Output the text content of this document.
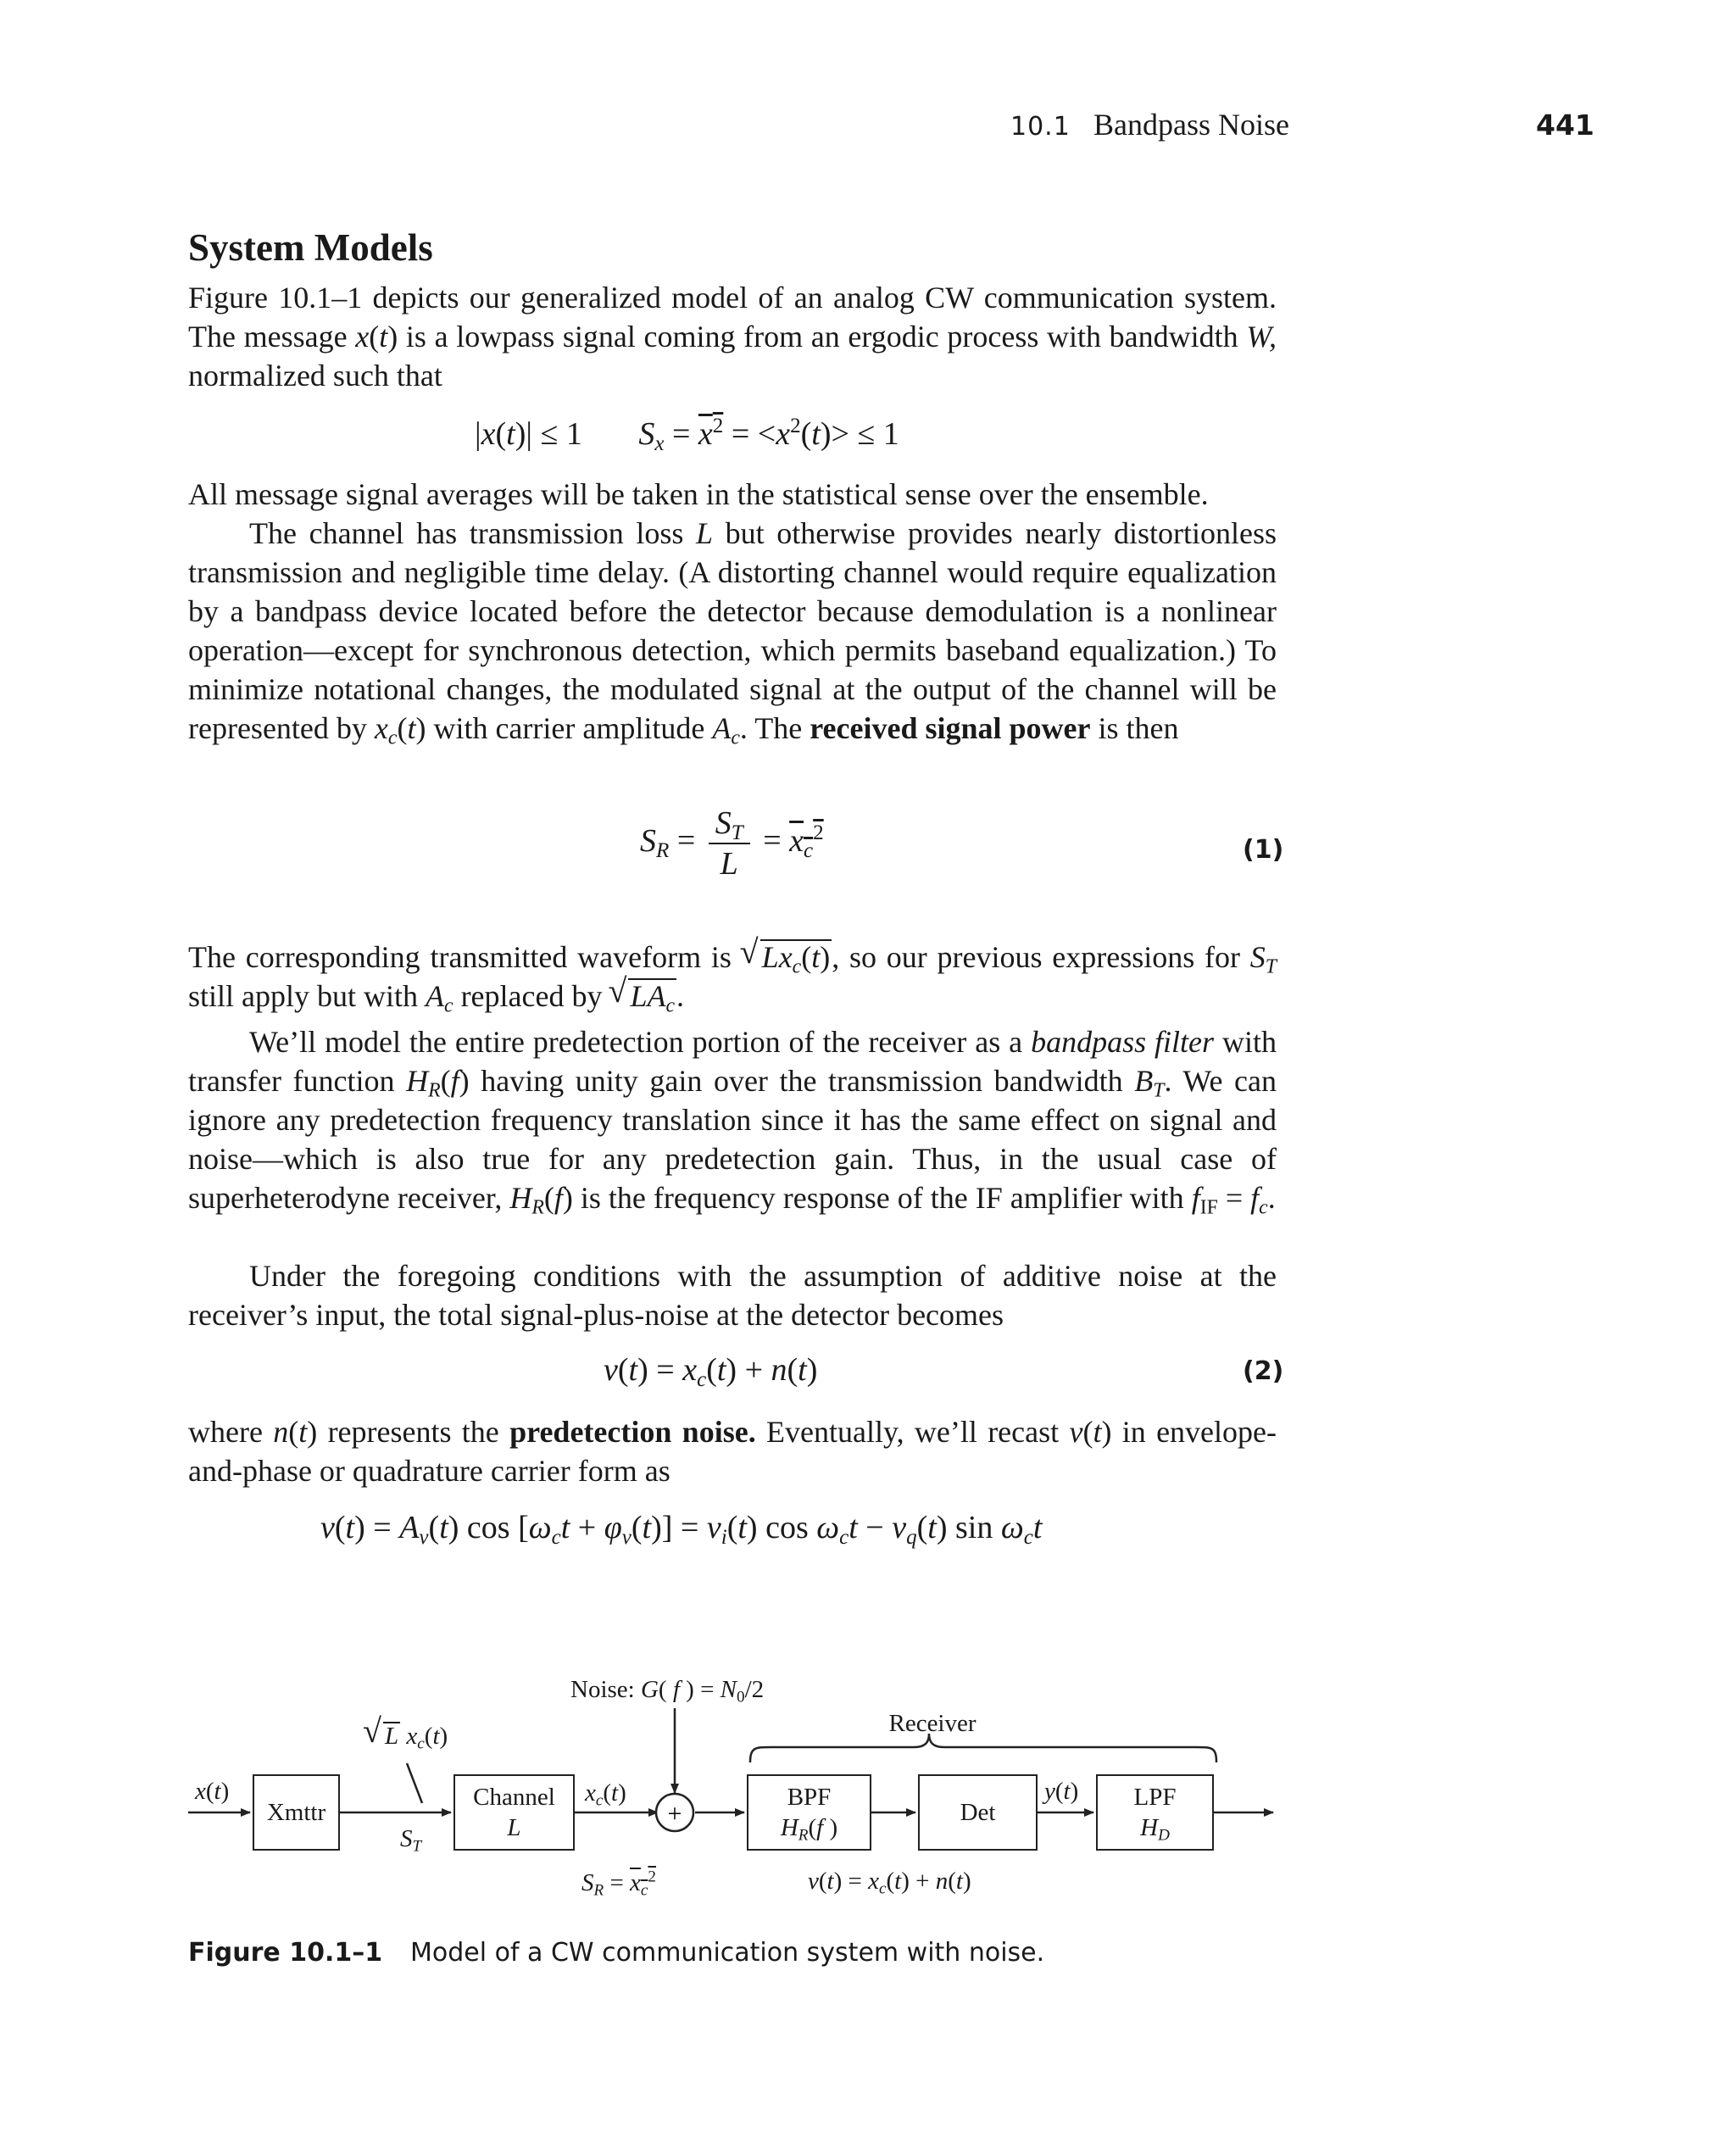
10.1 Bandpass Noise	441
System Models

Figure 10.1–1 depicts our generalized model of an analog CW communication system. The message x(t) is a lowpass signal coming from an ergodic process with bandwidth W, normalized such that

|x(t)| ≤ 1       $S_x = x^2 = <x^2(t)> \le 1$

All message signal averages will be taken in the statistical sense over the ensemble.

The channel has transmission loss L but otherwise provides nearly distortionless transmission and negligible time delay. (A distorting channel would require equalization by a bandpass device located before the detector because demodulation is a nonlinear operation—except for synchronous detection, which permits baseband equalization.) To minimize notational changes, the modulated signal at the output of the channel will be represented by $x_c(t)$ with carrier amplitude $A_c$. The received signal power is then

$S_R = \frac{S_T}{L} = x_c^2$
(1)

The corresponding transmitted waveform is √ $Lx_c(t)$, so our previous expressions for $S_T$ still apply but with $A_c$ replaced by √ $LA_c$.

We’ll model the entire predetection portion of the receiver as a bandpass filter with transfer function $H_R(f)$ having unity gain over the transmission bandwidth $B_T$. We can ignore any predetection frequency translation since it has the same effect on signal and noise—which is also true for any predetection gain. Thus, in the usual case of superheterodyne receiver, $H_R(f)$ is the frequency response of the IF amplifier with $f_{IF} = f_c$.

Under the foregoing conditions with the assumption of additive noise at the receiver’s input, the total signal-plus-noise at the detector becomes

$v(t) = x_c(t) + n(t)$	(2)

where n(t) represents the predetection noise. Eventually, we’ll recast v(t) in envelope-and-phase or quadrature carrier form as

$v(t) = A_v(t)$ $\cos [\omega_ct + \varphi_v(t)] = v_i(t)$ $\cos \omega_ct - v_q(t)$ $\sin \omega_ct$
+
Xmttr
Channel
L
BPF
$H_R(f$ )
Det
LPF
$H_D$
x(t)
√ L $x_c(t)$
$S_T$
$x_c(t)$
Noise: G( f ) = $N_0/2$
Receiver
y(t)
$S_R = x_c^2$	$v(t) = x_c(t) + n(t)$
Figure 10.1–1 Model of a CW communication system with noise.
